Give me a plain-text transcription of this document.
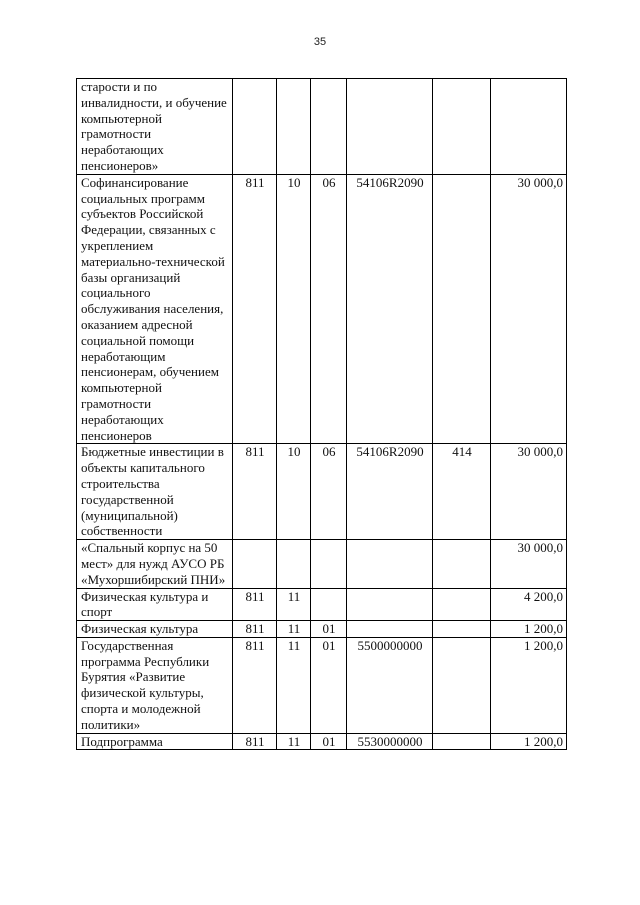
35
старости и по инвалидности, и обучение компьютерной грамотности неработающих пенсионеров»						
Софинансирование социальных программ субъектов Российской Федерации, связанных с укреплением материально-технической базы организаций социального обслуживания населения, оказанием адресной социальной помощи неработающим пенсионерам, обучением компьютерной грамотности неработающих пенсионеров	811	10	06	54106R2090		30 000,0
Бюджетные инвестиции в объекты капитального строительства государственной (муниципальной) собственности	811	10	06	54106R2090	414	30 000,0
«Спальный корпус на 50 мест» для нужд АУСО РБ «Мухоршибирский ПНИ»						30 000,0
Физическая культура и спорт	811	11				4 200,0
Физическая культура	811	11	01			1 200,0
Государственная программа Республики Бурятия «Развитие физической культуры, спорта и молодежной политики»	811	11	01	5500000000		1 200,0
Подпрограмма	811	11	01	5530000000		1 200,0
